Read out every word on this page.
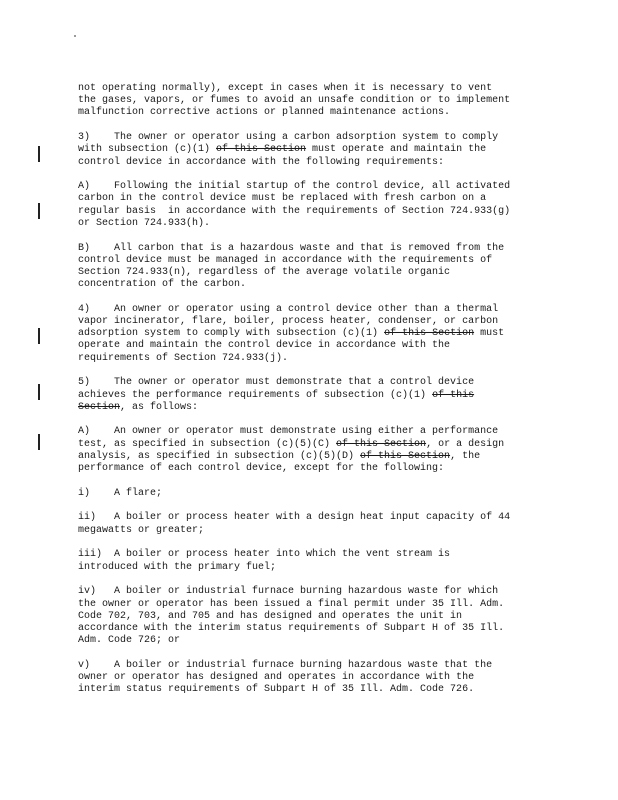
not operating normally), except in cases when it is necessary to vent
the gases, vapors, or fumes to avoid an unsafe condition or to implement
malfunction corrective actions or planned maintenance actions.
3)    The owner or operator using a carbon adsorption system to comply
with subsection (c)(1) of this Section must operate and maintain the
control device in accordance with the following requirements:
A)    Following the initial startup of the control device, all activated
carbon in the control device must be replaced with fresh carbon on a
regular basis  in accordance with the requirements of Section 724.933(g)
or Section 724.933(h).
B)    All carbon that is a hazardous waste and that is removed from the
control device must be managed in accordance with the requirements of
Section 724.933(n), regardless of the average volatile organic
concentration of the carbon.
4)    An owner or operator using a control device other than a thermal
vapor incinerator, flare, boiler, process heater, condenser, or carbon
adsorption system to comply with subsection (c)(1) of this Section must
operate and maintain the control device in accordance with the
requirements of Section 724.933(j).
5)    The owner or operator must demonstrate that a control device
achieves the performance requirements of subsection (c)(1) of this
Section, as follows:
A)    An owner or operator must demonstrate using either a performance
test, as specified in subsection (c)(5)(C) of this Section, or a design
analysis, as specified in subsection (c)(5)(D) of this Section, the
performance of each control device, except for the following:
i)    A flare;
ii)   A boiler or process heater with a design heat input capacity of 44
megawatts or greater;
iii)  A boiler or process heater into which the vent stream is
introduced with the primary fuel;
iv)   A boiler or industrial furnace burning hazardous waste for which
the owner or operator has been issued a final permit under 35 Ill. Adm.
Code 702, 703, and 705 and has designed and operates the unit in
accordance with the interim status requirements of Subpart H of 35 Ill.
Adm. Code 726; or
v)    A boiler or industrial furnace burning hazardous waste that the
owner or operator has designed and operates in accordance with the
interim status requirements of Subpart H of 35 Ill. Adm. Code 726.
